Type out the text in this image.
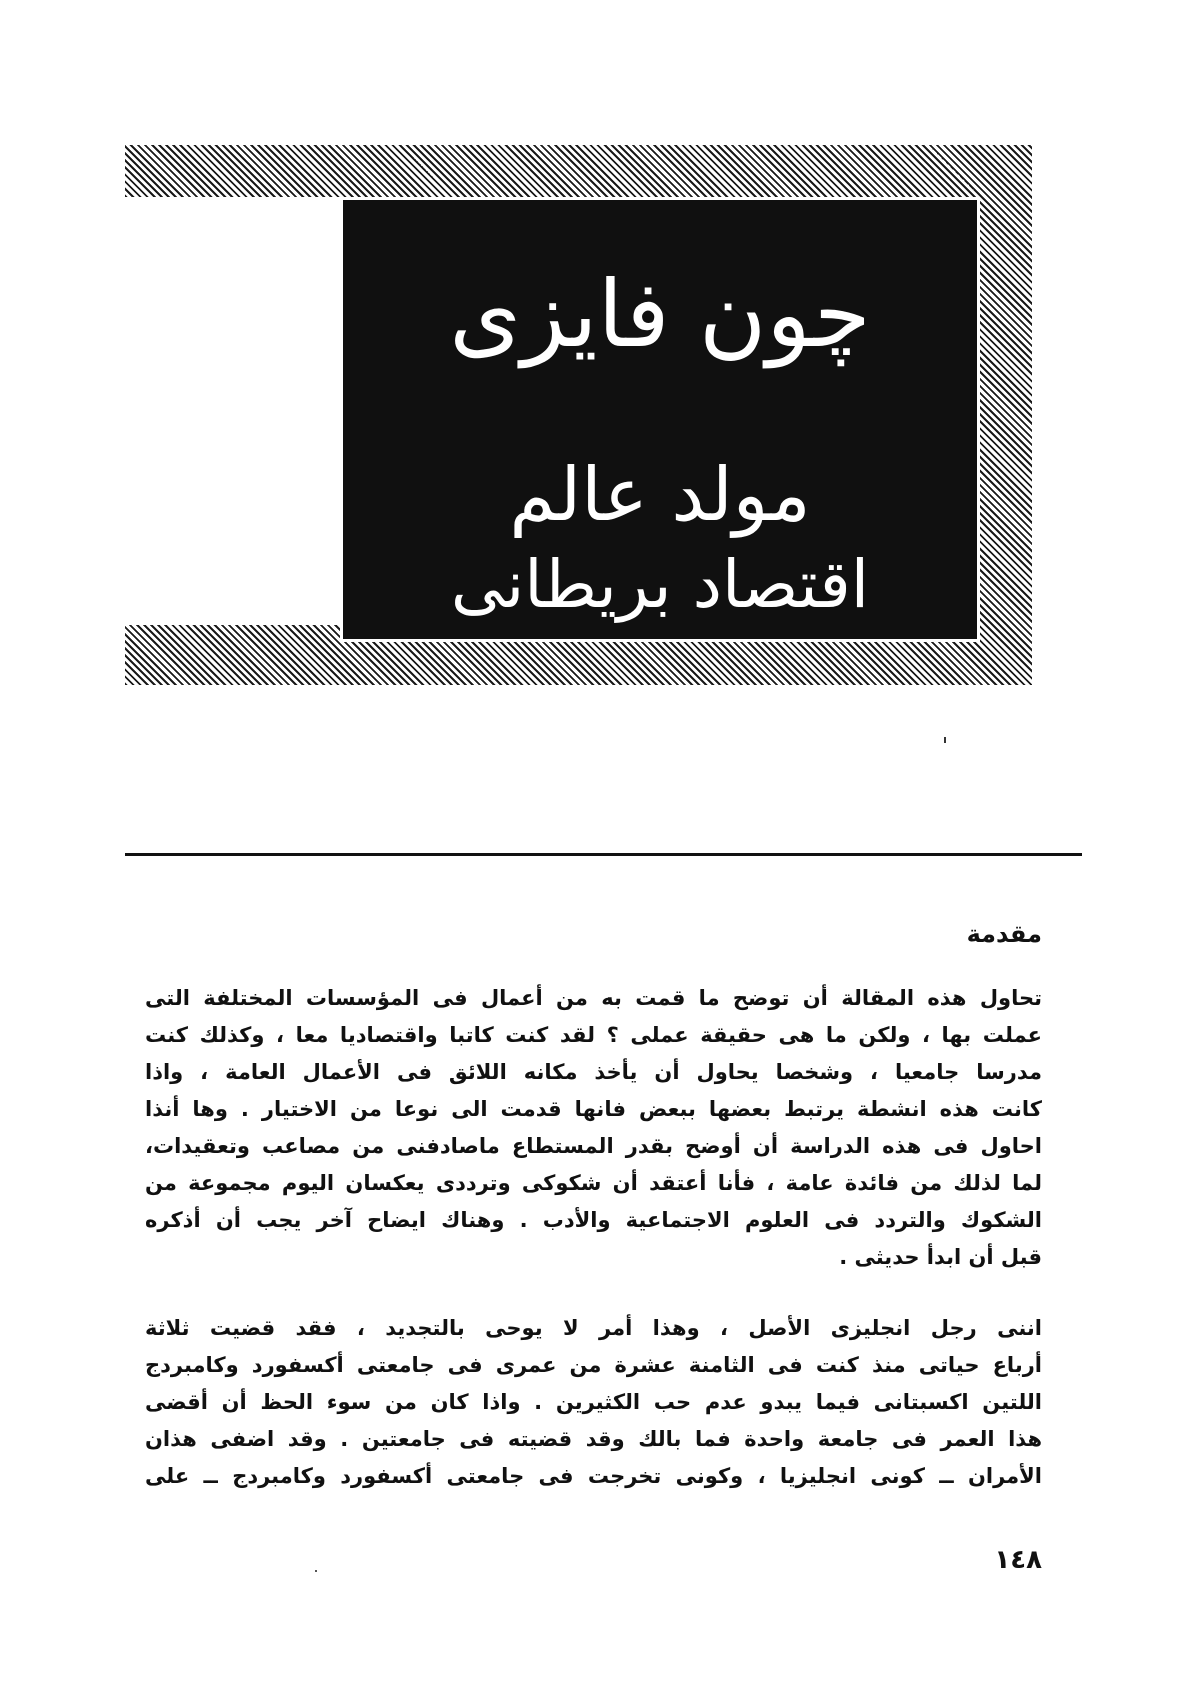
چون فايزى
مولد عالم
اقتصاد بريطانى
مقدمة
تحاول هذه المقالة أن توضح ما قمت به من أعمال فى المؤسسات المختلفة التى
عملت بها ، ولكن ما هى حقيقة عملى ؟ لقد كنت كاتبا واقتصاديا معا ، وكذلك كنت
مدرسا جامعيا ، وشخصا يحاول أن يأخذ مكانه اللائق فى الأعمال العامة ، واذا
كانت هذه انشطة يرتبط بعضها ببعض فانها قدمت الى نوعا من الاختيار . وها أنذا
احاول فى هذه الدراسة أن أوضح بقدر المستطاع ماصادفنى من مصاعب وتعقيدات،
لما لذلك من فائدة عامة ، فأنا أعتقد أن شكوكى وترددى يعكسان اليوم مجموعة من
الشكوك والتردد فى العلوم الاجتماعية والأدب . وهناك ايضاح آخر يجب أن أذكره
قبل أن ابدأ حديثى .
اننى رجل انجليزى الأصل ، وهذا أمر لا يوحى بالتجديد ، فقد قضيت ثلاثة
أرباع حياتى منذ كنت فى الثامنة عشرة من عمرى فى جامعتى أكسفورد وكامبردج
اللتين اكسبتانى فيما يبدو عدم حب الكثيرين . واذا كان من سوء الحظ أن أقضى
هذا العمر فى جامعة واحدة فما بالك وقد قضيته فى جامعتين . وقد اضفى هذان
الأمران ــ كونى انجليزيا ، وكونى تخرجت فى جامعتى أكسفورد وكامبردج ــ على
١٤٨
